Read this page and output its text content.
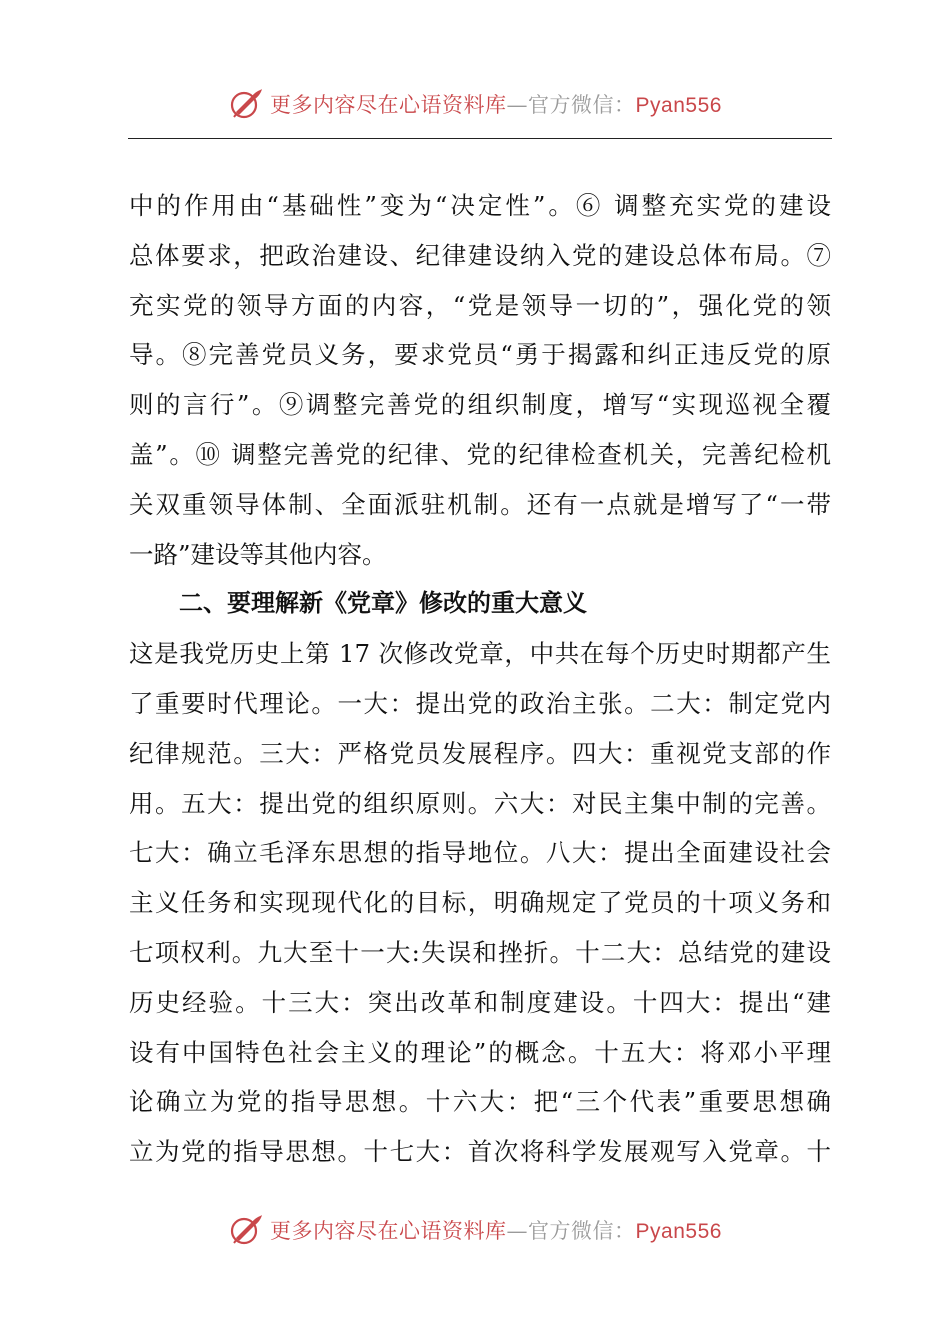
更多内容尽在心语资料库—官方微信：Pyan556
中的作用由“基础性”变为“决定性”。⑥ 调整充实党的建设
总体要求，把政治建设、纪律建设纳入党的建设总体布局。⑦
充实党的领导方面的内容，“党是领导一切的”，强化党的领
导。⑧完善党员义务，要求党员“勇于揭露和纠正违反党的原
则的言行”。⑨调整完善党的组织制度，增写“实现巡视全覆
盖”。⑩ 调整完善党的纪律、党的纪律检查机关，完善纪检机
关双重领导体制、全面派驻机制。还有一点就是增写了“一带
一路”建设等其他内容。
二、要理解新《党章》修改的重大意义
这是我党历史上第 17 次修改党章，中共在每个历史时期都产生
了重要时代理论。一大：提出党的政治主张。二大：制定党内
纪律规范。三大：严格党员发展程序。四大：重视党支部的作
用。五大：提出党的组织原则。六大：对民主集中制的完善。
七大：确立毛泽东思想的指导地位。八大：提出全面建设社会
主义任务和实现现代化的目标，明确规定了党员的十项义务和
七项权利。九大至十一大:失误和挫折。十二大：总结党的建设
历史经验。十三大：突出改革和制度建设。十四大：提出“建
设有中国特色社会主义的理论”的概念。十五大：将邓小平理
论确立为党的指导思想。十六大：把“三个代表”重要思想确
立为党的指导思想。十七大：首次将科学发展观写入党章。十
更多内容尽在心语资料库—官方微信：Pyan556
